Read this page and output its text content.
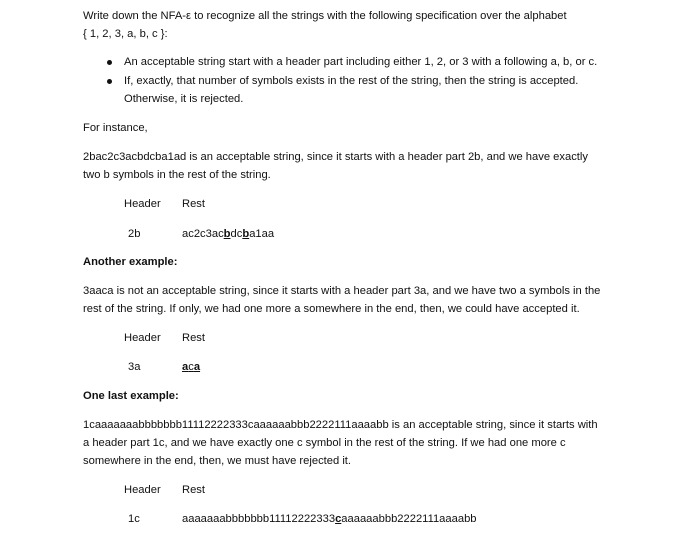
Write down the NFA-ε to recognize all the strings with the following specification over the alphabet
{ 1, 2, 3, a, b, c }:
An acceptable string start with a header part including either 1, 2, or 3 with a following a, b, or c.
If, exactly, that number of symbols exists in the rest of the string, then the string is accepted.
Otherwise, it is rejected.
For instance,
2bac2c3acbdcba1ad is an acceptable string, since it starts with a header part 2b, and we have exactly
two b symbols in the rest of the string.
Header Rest
2b	ac2c3acbdcba1aa
Another example:
3aaca is not an acceptable string, since it starts with a header part 3a, and we have two a symbols in the
rest of the string. If only, we had one more a somewhere in the end, then, we could have accepted it.
Header Rest
3a	aca
One last example:
1caaaaaaabbbbbbb11112222333caaaaaabbb2222111aaaabb is an acceptable string, since it starts with
a header part 1c, and we have exactly one c symbol in the rest of the string. If we had one more c
somewhere in the end, then, we must have rejected it.
Header Rest
1c	aaaaaaabbbbbbb11112222333caaaaaabbb2222111aaaabb
